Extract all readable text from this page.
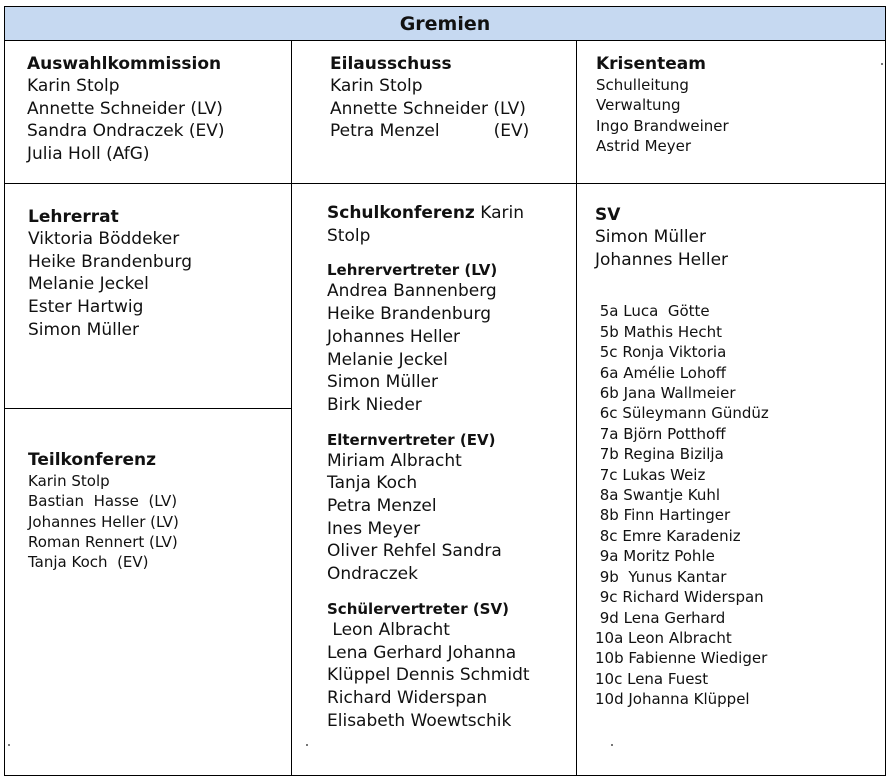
Gremien
Auswahlkommission
Karin Stolp
Annette Schneider (LV)
Sandra Ondraczek (EV)
Julia Holl (AfG)
Eilausschuss
Karin Stolp
Annette Schneider (LV)
Petra Menzel          (EV)
Krisenteam
Schulleitung
Verwaltung
Ingo Brandweiner
Astrid Meyer
Lehrerrat
Viktoria Böddeker
Heike Brandenburg
Melanie Jeckel
Ester Hartwig
Simon Müller
Teilkonferenz
Karin Stolp
Bastian  Hasse  (LV)
Johannes Heller (LV)
Roman Rennert (LV)
Tanja Koch  (EV)
Schulkonferenz Karin
Stolp
Lehrervertreter (LV)
Andrea Bannenberg
Heike Brandenburg
Johannes Heller
Melanie Jeckel
Simon Müller
Birk Nieder
Elternvertreter (EV)
Miriam Albracht
Tanja Koch
Petra Menzel
Ines Meyer
Oliver Rehfel Sandra
Ondraczek
Schülervertreter (SV)
Leon Albracht
Lena Gerhard Johanna
Klüppel Dennis Schmidt
Richard Widerspan
Elisabeth Woewtschik
SV
Simon Müller
Johannes Heller
5a Luca  Götte
5b Mathis Hecht
5c Ronja Viktoria
6a Amélie Lohoff
6b Jana Wallmeier
6c Süleymann Gündüz
7a Björn Potthoff
7b Regina Bizilja
7c Lukas Weiz
8a Swantje Kuhl
8b Finn Hartinger
8c Emre Karadeniz
9a Moritz Pohle
9b  Yunus Kantar
9c Richard Widerspan
9d Lena Gerhard
10a Leon Albracht
10b Fabienne Wiediger
10c Lena Fuest
10d Johanna Klüppel
